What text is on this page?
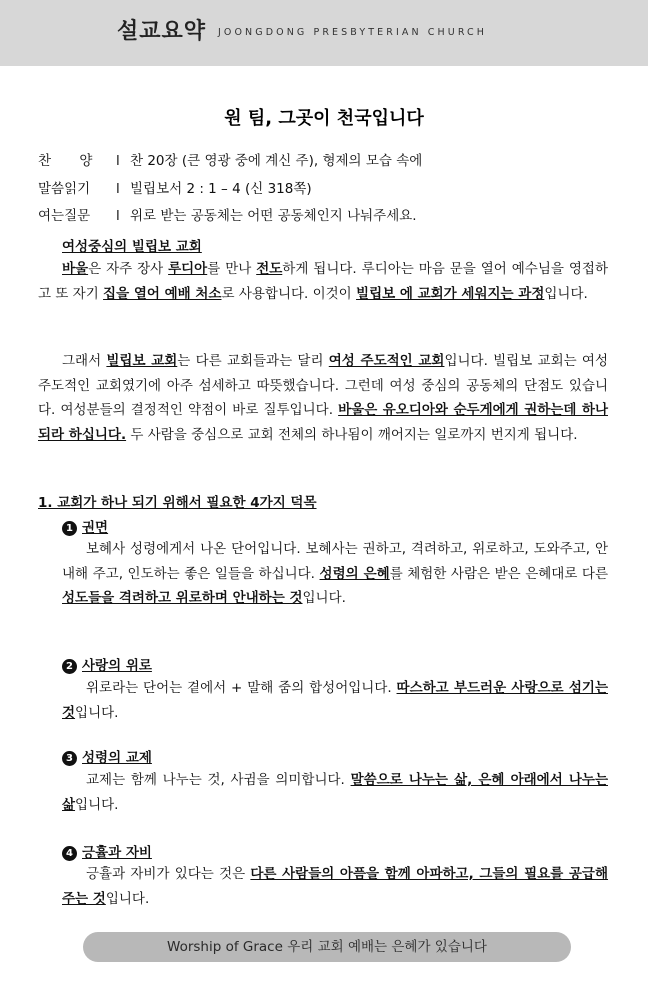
설교요약 JOONGDONG PRESBYTERIAN CHURCH
원 팀, 그곳이 천국입니다
찬 양 l 찬 20장 (큰 영광 중에 계신 주), 형제의 모습 속에
말씀읽기 l 빌립보서 2 : 1 – 4 (신 318쪽)
여는질문 l 위로 받는 공동체는 어떤 공동체인지 나눠주세요.
여성중심의 빌립보 교회
바울은 자주 장사 루디아를 만나 전도하게 됩니다. 루디아는 마음 문을 열어 예수님을 영접하고 또 자기 집을 열어 예배 처소로 사용합니다. 이것이 빌립보 에 교회가 세워지는 과정입니다.
그래서 빌립보 교회는 다른 교회들과는 달리 여성 주도적인 교회입니다. 빌립보 교회는 여성 주도적인 교회였기에 아주 섬세하고 따뜻했습니다. 그런데 여성 중심의 공동체의 단점도 있습니다. 여성분들의 결정적인 약점이 바로 질투입니다. 바울은 유오디아와 순두게에게 권하는데 하나되라 하십니다. 두 사람을 중심으로 교회 전체의 하나됨이 깨어지는 일로까지 번지게 됩니다.
1. 교회가 하나 되기 위해서 필요한 4가지 덕목
1 권면
보혜사 성령에게서 나온 단어입니다. 보혜사는 권하고, 격려하고, 위로하고, 도와주고, 안내해 주고, 인도하는 좋은 일들을 하십니다. 성령의 은혜를 체험한 사람은 받은 은혜대로 다른 성도들을 격려하고 위로하며 안내하는 것입니다.
2 사랑의 위로
위로라는 단어는 곁에서 + 말해 줌의 합성어입니다. 따스하고 부드러운 사랑으로 섬기는 것입니다.
3 성령의 교제
교제는 함께 나누는 것, 사귐을 의미합니다. 말씀으로 나누는 삶, 은혜 아래에서 나누는 삶입니다.
4 긍휼과 자비
긍휼과 자비가 있다는 것은 다른 사람들의 아픔을 함께 아파하고, 그들의 필요를 공급해 주는 것입니다.
Worship of Grace 우리 교회 예배는 은혜가 있습니다
